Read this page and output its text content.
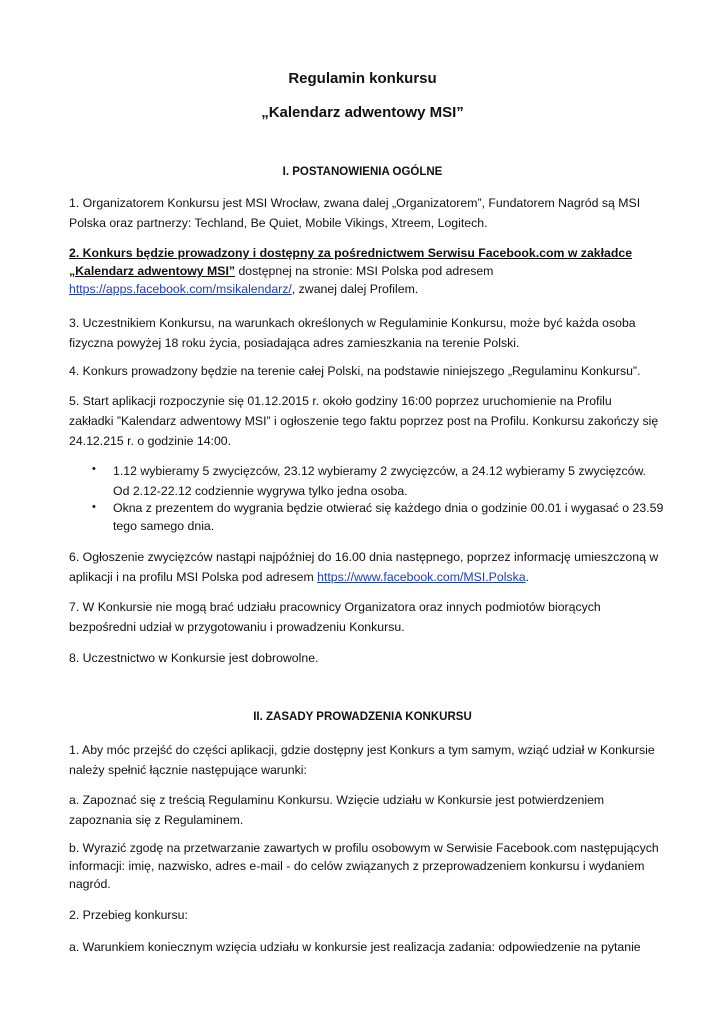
Regulamin konkursu
„Kalendarz adwentowy MSI”
I. POSTANOWIENIA OGÓLNE
1. Organizatorem Konkursu jest MSI Wrocław, zwana dalej „Organizatorem”, Fundatorem Nagród są MSI
Polska oraz partnerzy: Techland, Be Quiet, Mobile Vikings, Xtreem, Logitech.
2. Konkurs będzie prowadzony i dostępny za pośrednictwem Serwisu Facebook.com w zakładce
„Kalendarz adwentowy MSI” dostępnej na stronie: MSI Polska pod adresem
https://apps.facebook.com/msikalendarz/, zwanej dalej Profilem.
3. Uczestnikiem Konkursu, na warunkach określonych w Regulaminie Konkursu, może być każda osoba
fizyczna powyżej 18 roku życia, posiadająca adres zamieszkania na terenie Polski.
4. Konkurs prowadzony będzie na terenie całej Polski, na podstawie niniejszego „Regulaminu Konkursu”.
5. Start aplikacji rozpoczynie się 01.12.2015 r. około godziny 16:00 poprzez uruchomienie na Profilu
zakładki ”Kalendarz adwentowy MSI” i ogłoszenie tego faktu poprzez post na Profilu. Konkursu zakończy się
24.12.215 r. o godzinie 14:00.
• 1.12 wybieramy 5 zwycięzców, 23.12 wybieramy 2 zwycięzców, a 24.12 wybieramy 5 zwycięzców.
Od 2.12-22.12 codziennie wygrywa tylko jedna osoba.
• Okna z prezentem do wygrania będzie otwierać się każdego dnia o godzinie 00.01 i wygasać o 23.59
tego samego dnia.
6. Ogłoszenie zwycięzców nastąpi najpóźniej do 16.00 dnia następnego, poprzez informację umieszczoną w
aplikacji i na profilu MSI Polska pod adresem https://www.facebook.com/MSI.Polska.
7. W Konkursie nie mogą brać udziału pracownicy Organizatora oraz innych podmiotów biorących
bezpośredni udział w przygotowaniu i prowadzeniu Konkursu.
8. Uczestnictwo w Konkursie jest dobrowolne.
II. ZASADY PROWADZENIA KONKURSU
1. Aby móc przejść do części aplikacji, gdzie dostępny jest Konkurs a tym samym, wziąć udział w Konkursie
należy spełnić łącznie następujące warunki:
a. Zapoznać się z treścią Regulaminu Konkursu. Wzięcie udziału w Konkursie jest potwierdzeniem
zapoznania się z Regulaminem.
b. Wyrazić zgodę na przetwarzanie zawartych w profilu osobowym w Serwisie Facebook.com następujących
informacji: imię, nazwisko, adres e-mail - do celów związanych z przeprowadzeniem konkursu i wydaniem
nagród.
2. Przebieg konkursu:
a. Warunkiem koniecznym wzięcia udziału w konkursie jest realizacja zadania: odpowiedzenie na pytanie
